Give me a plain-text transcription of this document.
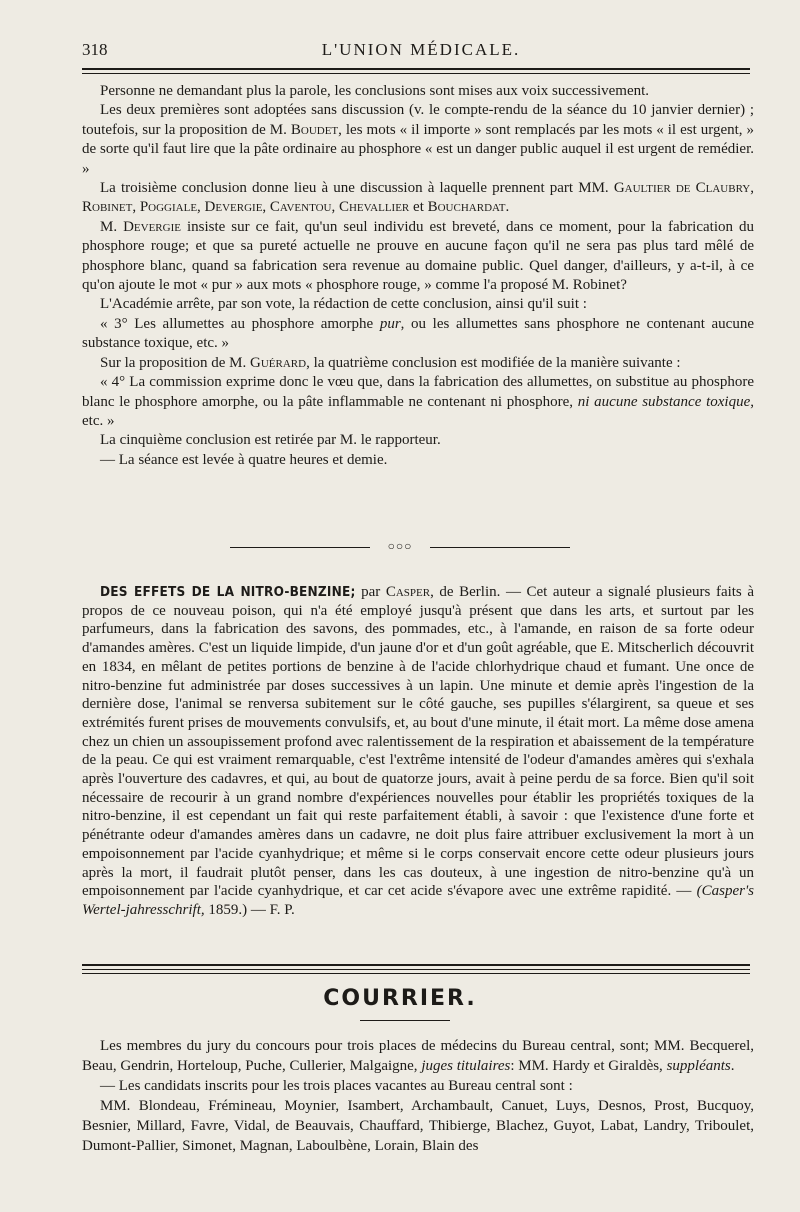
318	L'UNION MÉDICALE.

Personne ne demandant plus la parole, les conclusions sont mises aux voix successivement.

Les deux premières sont adoptées sans discussion (v. le compte-rendu de la séance du 10 janvier dernier) ; toutefois, sur la proposition de M. Boudet, les mots « il importe » sont remplacés par les mots « il est urgent, » de sorte qu'il faut lire que la pâte ordinaire au phosphore « est un danger public auquel il est urgent de remédier. »

La troisième conclusion donne lieu à une discussion à laquelle prennent part MM. Gaultier de Claubry, Robinet, Poggiale, Devergie, Caventou, Chevallier et Bouchardat.

M. Devergie insiste sur ce fait, qu'un seul individu est breveté, dans ce moment, pour la fabrication du phosphore rouge; et que sa pureté actuelle ne prouve en aucune façon qu'il ne sera pas plus tard mêlé de phosphore blanc, quand sa fabrication sera revenue au domaine public. Quel danger, d'ailleurs, y a-t-il, à ce qu'on ajoute le mot « pur » aux mots « phosphore rouge, » comme l'a proposé M. Robinet?

L'Académie arrête, par son vote, la rédaction de cette conclusion, ainsi qu'il suit :

« 3° Les allumettes au phosphore amorphe pur, ou les allumettes sans phosphore ne contenant aucune substance toxique, etc. »

Sur la proposition de M. Guérard, la quatrième conclusion est modifiée de la manière suivante :

« 4° La commission exprime donc le vœu que, dans la fabrication des allumettes, on substitue au phosphore blanc le phosphore amorphe, ou la pâte inflammable ne contenant ni phosphore, ni aucune substance toxique, etc. »

La cinquième conclusion est retirée par M. le rapporteur.

— La séance est levée à quatre heures et demie.

○○○

DES EFFETS DE LA NITRO-BENZINE; par Casper, de Berlin. — Cet auteur a signalé plusieurs faits à propos de ce nouveau poison, qui n'a été employé jusqu'à présent que dans les arts, et surtout par les parfumeurs, dans la fabrication des savons, des pommades, etc., à l'amande, en raison de sa forte odeur d'amandes amères. C'est un liquide limpide, d'un jaune d'or et d'un goût agréable, que E. Mitscherlich découvrit en 1834, en mêlant de petites portions de benzine à de l'acide chlorhydrique chaud et fumant. Une once de nitro-benzine fut administrée par doses successives à un lapin. Une minute et demie après l'ingestion de la dernière dose, l'animal se renversa subitement sur le côté gauche, ses pupilles s'élargirent, sa queue et ses extrémités furent prises de mouvements convulsifs, et, au bout d'une minute, il était mort. La même dose amena chez un chien un assoupissement profond avec ralentissement de la respiration et abaissement de la température de la peau. Ce qui est vraiment remarquable, c'est l'extrême intensité de l'odeur d'amandes amères qui s'exhala après l'ouverture des cadavres, et qui, au bout de quatorze jours, avait à peine perdu de sa force. Bien qu'il soit nécessaire de recourir à un grand nombre d'expériences nouvelles pour établir les propriétés toxiques de la nitro-benzine, il est cependant un fait qui reste parfaitement établi, à savoir : que l'existence d'une forte et pénétrante odeur d'amandes amères dans un cadavre, ne doit plus faire attribuer exclusivement la mort à un empoisonnement par l'acide cyanhydrique; et même si le corps conservait encore cette odeur plusieurs jours après la mort, il faudrait plutôt penser, dans les cas douteux, à une ingestion de nitro-benzine qu'à un empoisonnement par l'acide cyanhydrique, et car cet acide s'évapore avec une extrême rapidité. — (Casper's Wertel-jahresschrift, 1859.) — F. P.

COURRIER.

Les membres du jury du concours pour trois places de médecins du Bureau central, sont; MM. Becquerel, Beau, Gendrin, Horteloup, Puche, Cullerier, Malgaigne, juges titulaires: MM. Hardy et Giraldès, suppléants.

— Les candidats inscrits pour les trois places vacantes au Bureau central sont :

MM. Blondeau, Frémineau, Moynier, Isambert, Archambault, Canuet, Luys, Desnos, Prost, Bucquoy, Besnier, Millard, Favre, Vidal, de Beauvais, Chauffard, Thibierge, Blachez, Guyot, Labat, Landry, Triboulet, Dumont-Pallier, Simonet, Magnan, Laboulbène, Lorain, Blain des
